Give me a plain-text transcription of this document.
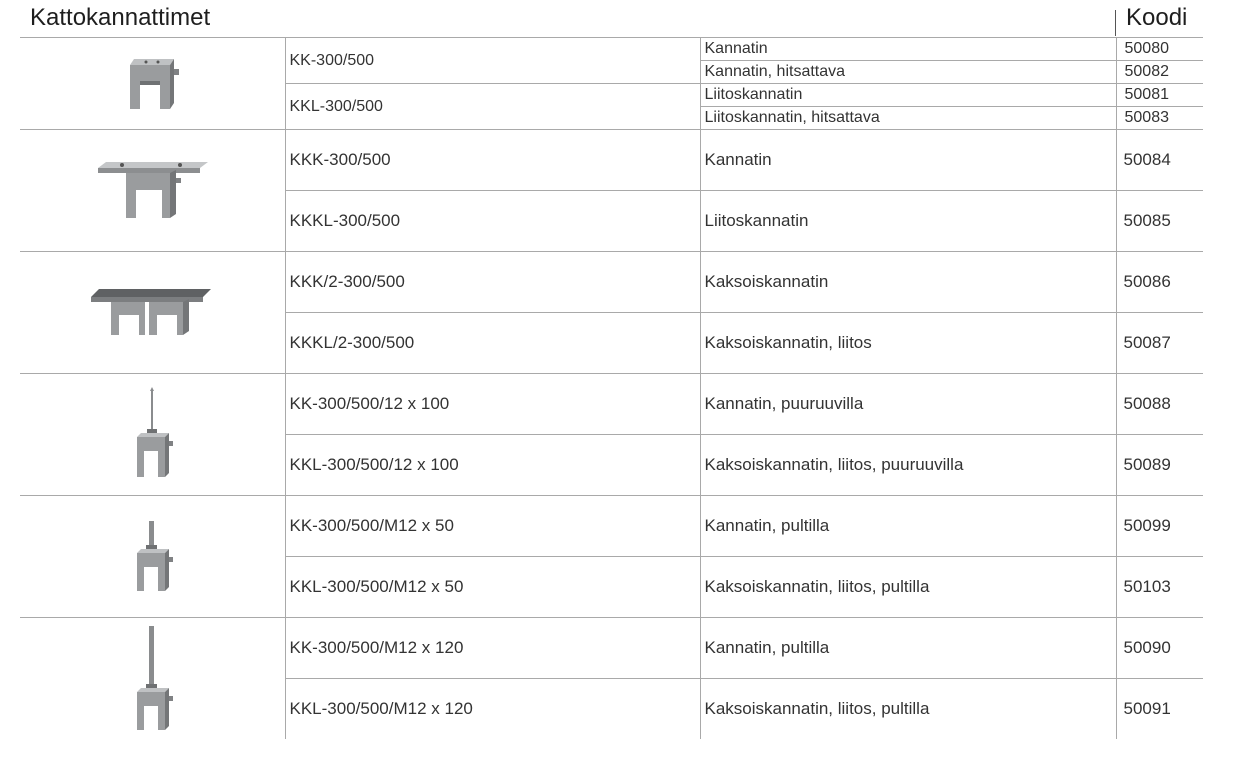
Kattokannattimet	Koodi
	KK-300/500	Kannatin	50080
		Kannatin, hitsattava	50082
	KKL-300/500	Liitoskannatin	50081
		Liitoskannatin, hitsattava	50083

	KKK-300/500	Kannatin	50084
	KKKL-300/500	Liitoskannatin	50085

	KKK/2-300/500	Kaksoiskannatin	50086
	KKKL/2-300/500	Kaksoiskannatin, liitos	50087

	KK-300/500/12 x 100	Kannatin, puuruuvilla	50088
	KKL-300/500/12 x 100	Kaksoiskannatin, liitos, puuruuvilla	50089

	KK-300/500/M12 x 50	Kannatin, pultilla	50099
	KKL-300/500/M12 x 50	Kaksoiskannatin, liitos, pultilla	50103

	KK-300/500/M12 x 120	Kannatin, pultilla	50090
	KKL-300/500/M12 x 120	Kaksoiskannatin, liitos, pultilla	50091
